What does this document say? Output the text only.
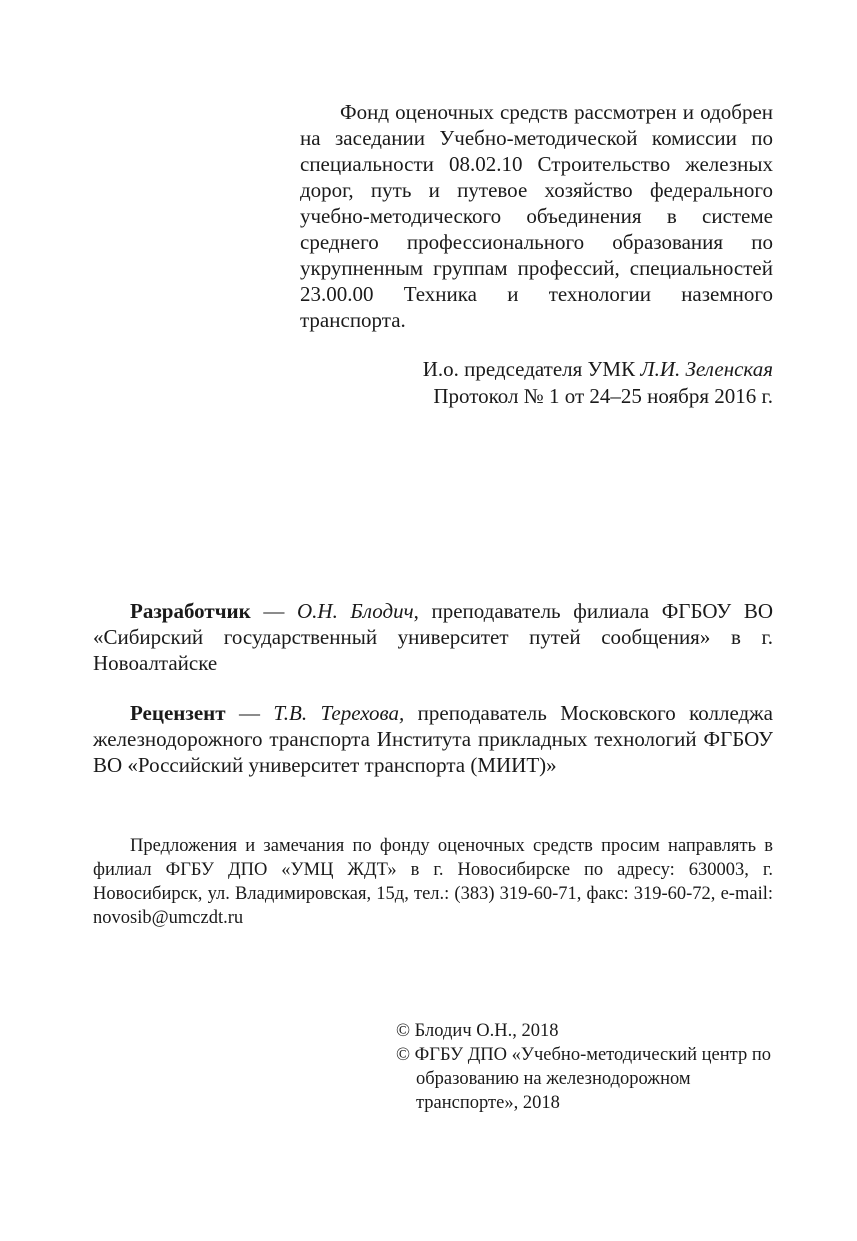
Фонд оценочных средств рассмотрен и одобрен на заседании Учебно-методической комиссии по специальности 08.02.10 Строительство железных дорог, путь и путевое хозяйство федерального учебно-методического объединения в системе среднего профессионального образования по укрупненным группам профессий, специальностей 23.00.00 Техника и технологии наземного транспорта.
И.о. председателя УМК Л.И. Зеленская
Протокол № 1 от 24–25 ноября 2016 г.
Разработчик — О.Н. Блодич, преподаватель филиала ФГБОУ ВО «Сибирский государственный университет путей сообщения» в г. Новоалтайске
Рецензент — Т.В. Терехова, преподаватель Московского колледжа железнодорожного транспорта Института прикладных технологий ФГБОУ ВО «Российский университет транспорта (МИИТ)»
Предложения и замечания по фонду оценочных средств просим направлять в филиал ФГБУ ДПО «УМЦ ЖДТ» в г. Новосибирске по адресу: 630003, г. Новосибирск, ул. Владимировская, 15д, тел.: (383) 319-60-71, факс: 319-60-72, e-mail: novosib@umczdt.ru
© Блодич О.Н., 2018
© ФГБУ ДПО «Учебно-методический центр по образованию на железнодорожном транспорте», 2018
